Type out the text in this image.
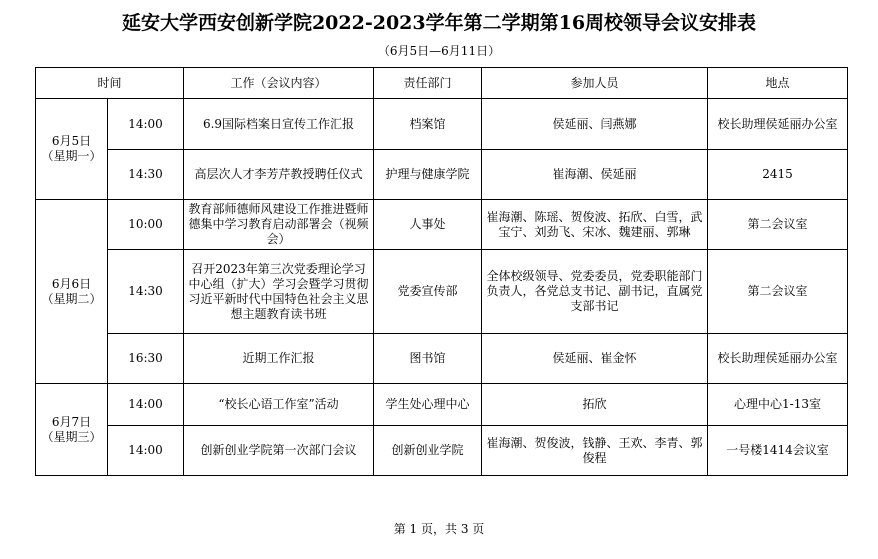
延安大学西安创新学院2022-2023学年第二学期第16周校领导会议安排表
（6月5日—6月11日）
时间		工作（会议内容）	责任部门	参加人员	地点

6月5日
（星期一）	14:00	6.9国际档案日宣传工作汇报	档案馆	侯延丽、闫燕娜	校长助理侯延丽办公室
	14:30	高层次人才李芳芹教授聘任仪式	护理与健康学院	崔海潮、侯延丽	2415

6月6日
（星期二）	10:00	教育部师德师风建设工作推进暨师德集中学习教育启动部署会（视频会）	人事处	崔海潮、陈瑶、贺俊波、拓欣、白雪，武宝宁、刘劲飞、宋冰、魏建丽、郭琳	第二会议室
	14:30	召开2023年第三次党委理论学习中心组（扩大）学习会暨学习贯彻习近平新时代中国特色社会主义思想主题教育读书班	党委宣传部	全体校级领导、党委委员，党委职能部门负责人，各党总支书记、副书记，直属党支部书记	第二会议室
	16:30	近期工作汇报	图书馆	侯延丽、崔金怀	校长助理侯延丽办公室

6月7日
（星期三）	14:00	“校长心语工作室”活动	学生处心理中心	拓欣	心理中心1-13室
	14:00	创新创业学院第一次部门会议	创新创业学院	崔海潮、贺俊波，钱静、王欢、李青、郭俊程	一号楼1414会议室
第 1 页，共 3 页
